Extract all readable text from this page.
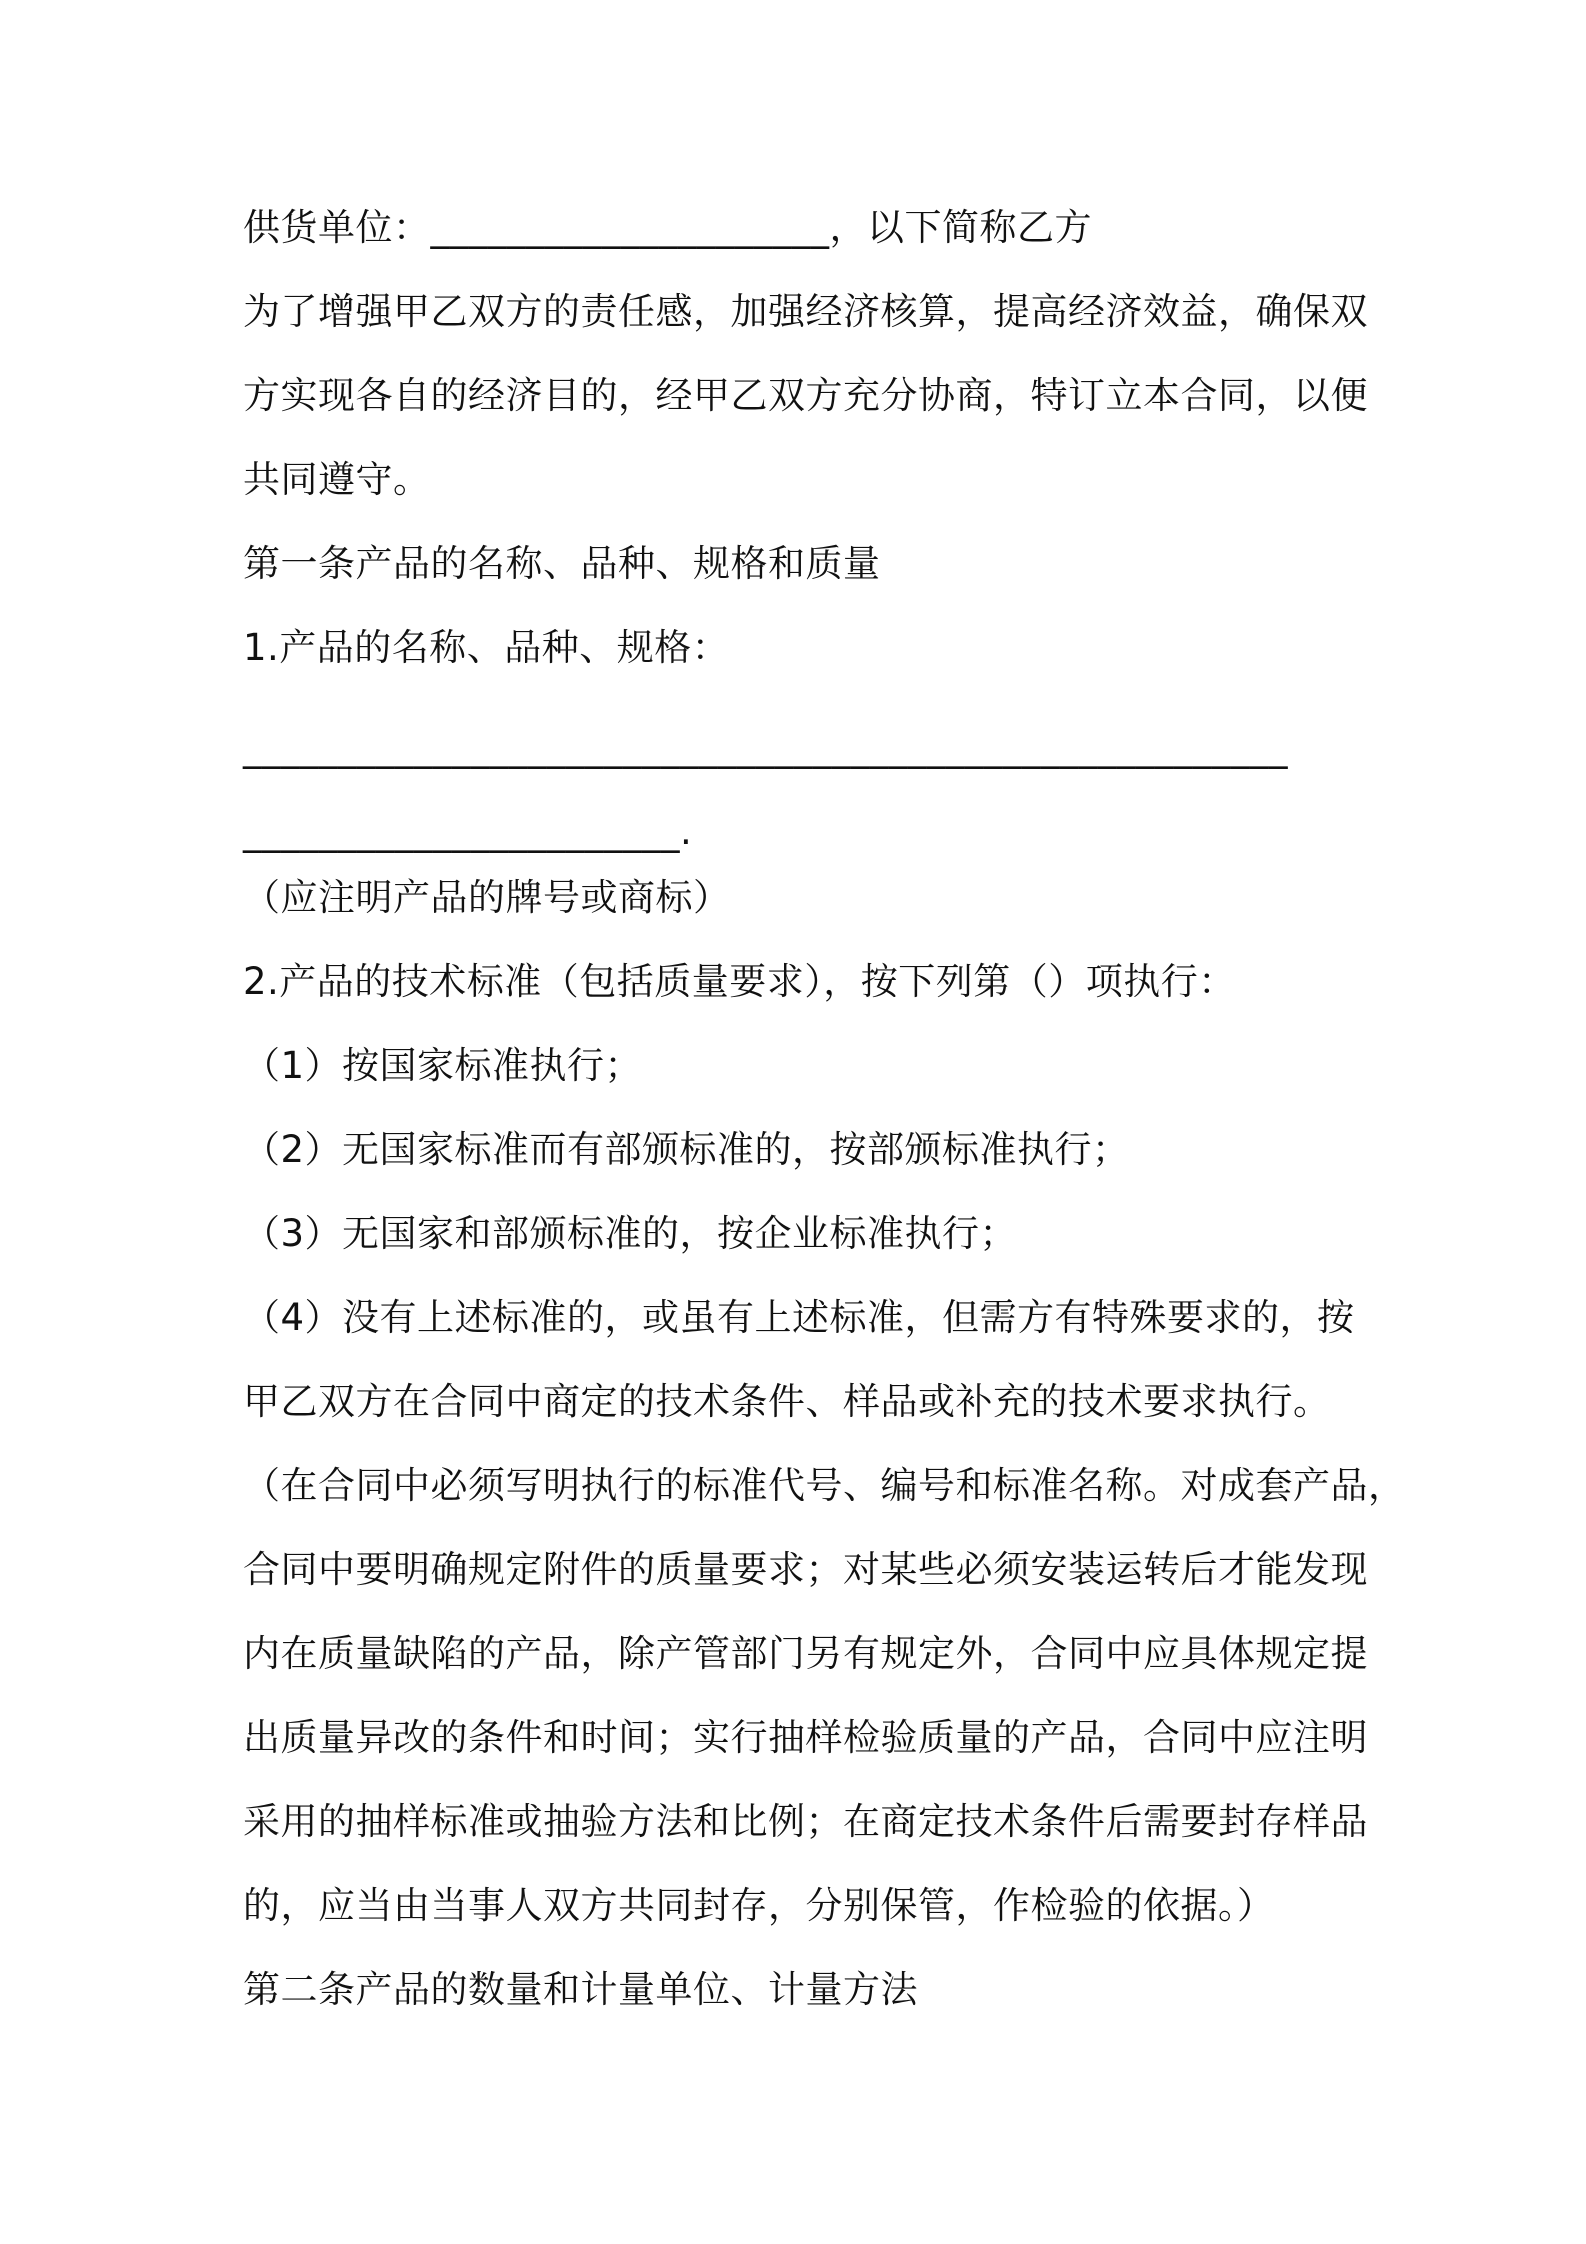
供货单位：_____________________，以下简称乙方
为了增强甲乙双方的责任感，加强经济核算，提高经济效益，确保双
方实现各自的经济目的，经甲乙双方充分协商，特订立本合同，以便
共同遵守。
第一条产品的名称、品种、规格和质量
1.产品的名称、品种、规格：
_______________________________________________________
_______________________.
（应注明产品的牌号或商标）
2.产品的技术标准（包括质量要求），按下列第（）项执行：
（1）按国家标准执行；
（2）无国家标准而有部颁标准的，按部颁标准执行；
（3）无国家和部颁标准的，按企业标准执行；
（4）没有上述标准的，或虽有上述标准，但需方有特殊要求的，按
甲乙双方在合同中商定的技术条件、样品或补充的技术要求执行。
（在合同中必须写明执行的标准代号、编号和标准名称。对成套产品，
合同中要明确规定附件的质量要求；对某些必须安装运转后才能发现
内在质量缺陷的产品，除产管部门另有规定外，合同中应具体规定提
出质量异改的条件和时间；实行抽样检验质量的产品，合同中应注明
采用的抽样标准或抽验方法和比例；在商定技术条件后需要封存样品
的，应当由当事人双方共同封存，分别保管，作检验的依据。）
第二条产品的数量和计量单位、计量方法
